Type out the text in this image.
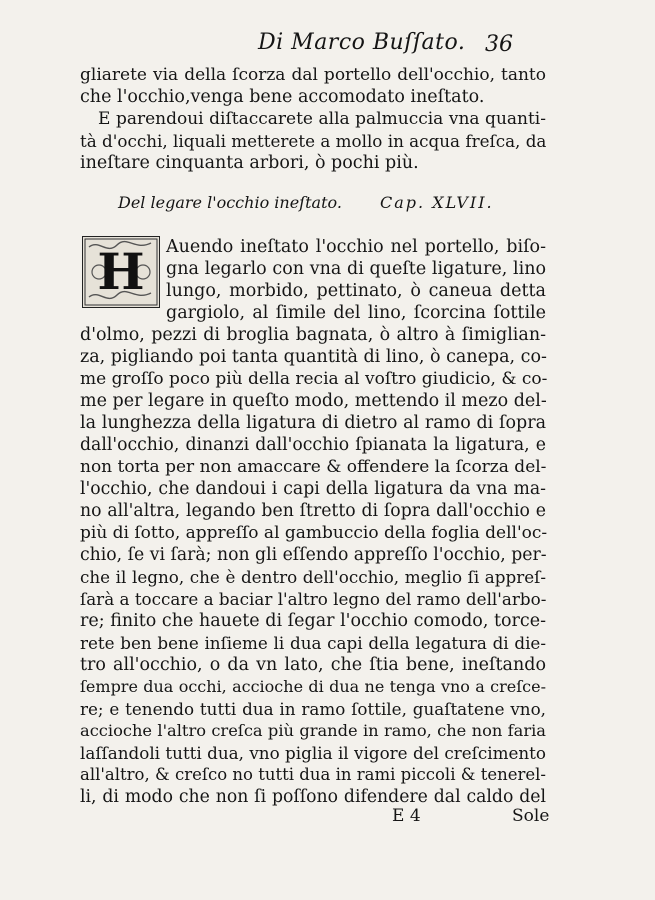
Di Marco Buſſato. 36
gliarete via della ſcorza dal portello dell'occhio, tanto
che l'occhio,venga bene accomodato ineſtato.
E parendoui diſtaccarete alla palmuccia vna quanti-
tà d'occhi, liquali metterete a mollo in acqua freſca, da
ineſtare cinquanta arbori, ò pochi più.
Del legare l'occhio ineſtato. Cap. XLVII.
H Auendo ineſtato l'occhio nel portello, biſo-
gna legarlo con vna di queſte ligature, lino
lungo, morbido, pettinato, ò caneua detta
gargiolo, al ſimile del lino, ſcorcina ſottile
d'olmo, pezzi di broglia bagnata, ò altro à ſimiglian-
za, pigliando poi tanta quantità di lino, ò canepa, co-
me groſſo poco più della recia al voſtro giudicio, & co-
me per legare in queſto modo, mettendo il mezo del-
la lunghezza della ligatura di dietro al ramo di ſopra
dall'occhio, dinanzi dall'occhio ſpianata la ligatura, e
non torta per non amaccare & offendere la ſcorza del-
l'occhio, che dandoui i capi della ligatura da vna ma-
no all'altra, legando ben ſtretto di ſopra dall'occhio e
più di ſotto, appreſſo al gambuccio della foglia dell'oc-
chio, ſe vi ſarà; non gli eſſendo appreſſo l'occhio, per-
che il legno, che è dentro dell'occhio, meglio ſi appreſ-
ſarà a toccare a baciar l'altro legno del ramo dell'arbo-
re; finito che hauete di ſegar l'occhio comodo, torce-
rete ben bene inſieme li dua capi della legatura di die-
tro all'occhio, o da vn lato, che ſtia bene, ineſtando
ſempre dua occhi, accioche di dua ne tenga vno a creſce-
re; e tenendo tutti dua in ramo ſottile, guaſtatene vno,
accioche l'altro creſca più grande in ramo, che non faria
laſſandoli tutti dua, vno piglia il vigore del creſcimento
all'altro, & creſco no tutti dua in rami piccoli & tenerel-
li, di modo che non ſi poſſono difendere dal caldo del
E 4	Sole
